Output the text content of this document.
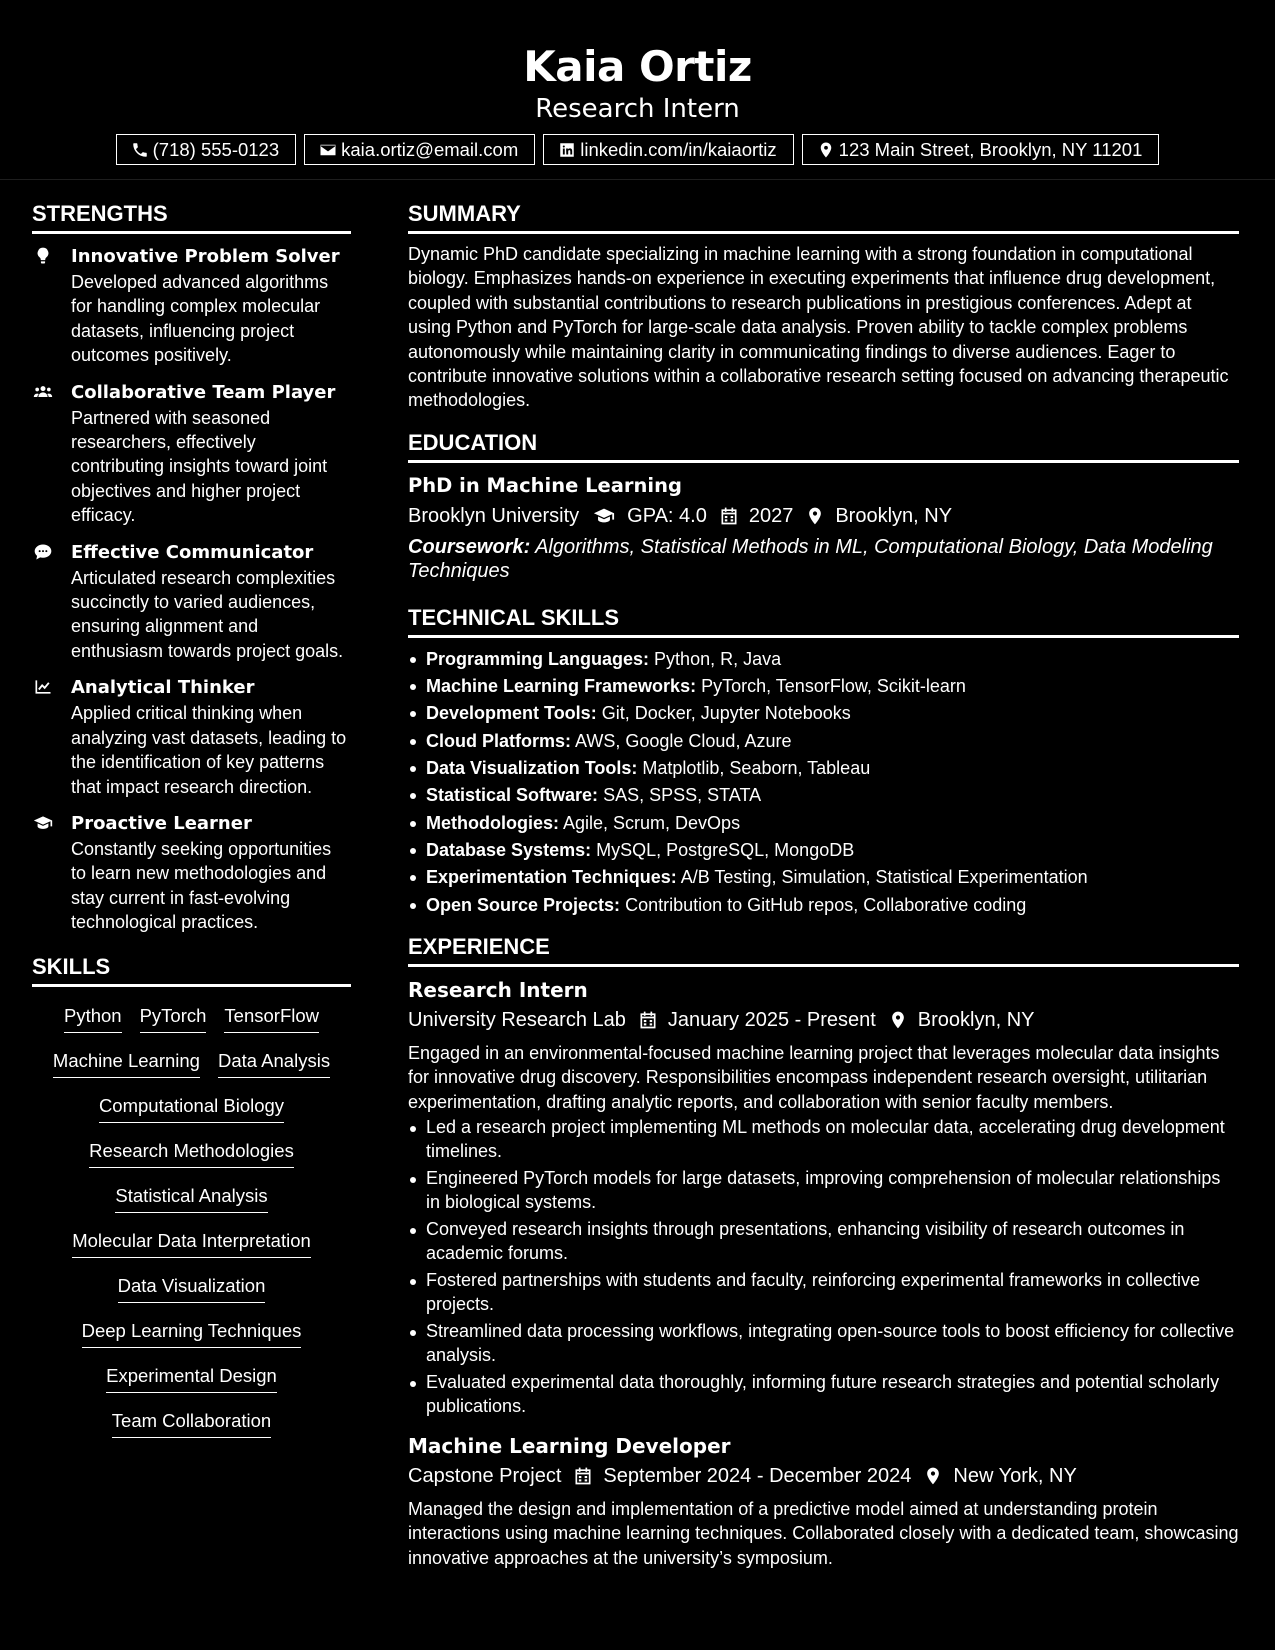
Kaia Ortiz
Research Intern
(718) 555-0123	kaia.ortiz@email.com	linkedin.com/in/kaiaortiz	123 Main Street, Brooklyn, NY 11201
STRENGTHS
Innovative Problem Solver
Developed advanced algorithms for handling complex molecular datasets, influencing project outcomes positively.
Collaborative Team Player
Partnered with seasoned researchers, effectively contributing insights toward joint objectives and higher project efficacy.
Effective Communicator
Articulated research complexities succinctly to varied audiences, ensuring alignment and enthusiasm towards project goals.
Analytical Thinker
Applied critical thinking when analyzing vast datasets, leading to the identification of key patterns that impact research direction.
Proactive Learner
Constantly seeking opportunities to learn new methodologies and stay current in fast-evolving technological practices.
SKILLS
Python PyTorch TensorFlow
Machine Learning Data Analysis
Computational Biology
Research Methodologies
Statistical Analysis
Molecular Data Interpretation
Data Visualization
Deep Learning Techniques
Experimental Design
Team Collaboration
SUMMARY
Dynamic PhD candidate specializing in machine learning with a strong foundation in computational biology. Emphasizes hands-on experience in executing experiments that influence drug development, coupled with substantial contributions to research publications in prestigious conferences. Adept at using Python and PyTorch for large-scale data analysis. Proven ability to tackle complex problems autonomously while maintaining clarity in communicating findings to diverse audiences. Eager to contribute innovative solutions within a collaborative research setting focused on advancing therapeutic methodologies.
EDUCATION
PhD in Machine Learning
Brooklyn University GPA: 4.0 2027 Brooklyn, NY
Coursework: Algorithms, Statistical Methods in ML, Computational Biology, Data Modeling Techniques
TECHNICAL SKILLS
Programming Languages: Python, R, Java
Machine Learning Frameworks: PyTorch, TensorFlow, Scikit-learn
Development Tools: Git, Docker, Jupyter Notebooks
Cloud Platforms: AWS, Google Cloud, Azure
Data Visualization Tools: Matplotlib, Seaborn, Tableau
Statistical Software: SAS, SPSS, STATA
Methodologies: Agile, Scrum, DevOps
Database Systems: MySQL, PostgreSQL, MongoDB
Experimentation Techniques: A/B Testing, Simulation, Statistical Experimentation
Open Source Projects: Contribution to GitHub repos, Collaborative coding
EXPERIENCE
Research Intern
University Research Lab January 2025 - Present Brooklyn, NY
Engaged in an environmental-focused machine learning project that leverages molecular data insights for innovative drug discovery. Responsibilities encompass independent research oversight, utilitarian experimentation, drafting analytic reports, and collaboration with senior faculty members.
Led a research project implementing ML methods on molecular data, accelerating drug development timelines.
Engineered PyTorch models for large datasets, improving comprehension of molecular relationships in biological systems.
Conveyed research insights through presentations, enhancing visibility of research outcomes in academic forums.
Fostered partnerships with students and faculty, reinforcing experimental frameworks in collective projects.
Streamlined data processing workflows, integrating open-source tools to boost efficiency for collective analysis.
Evaluated experimental data thoroughly, informing future research strategies and potential scholarly publications.
Machine Learning Developer
Capstone Project September 2024 - December 2024 New York, NY
Managed the design and implementation of a predictive model aimed at understanding protein interactions using machine learning techniques. Collaborated closely with a dedicated team, showcasing innovative approaches at the university’s symposium.
